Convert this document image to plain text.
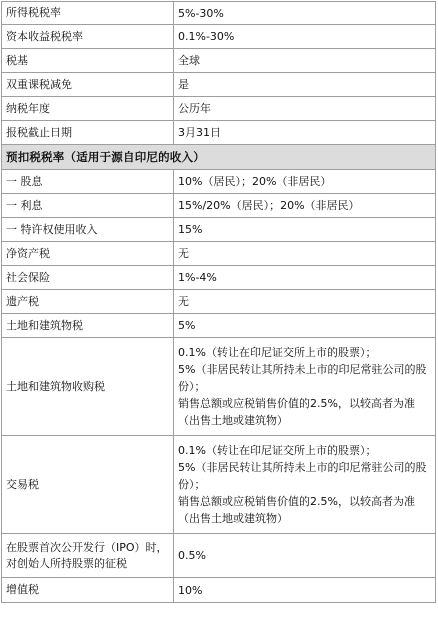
所得税税率	5%-30%
资本收益税税率	0.1%-30%
税基	全球
双重课税减免	是
纳税年度	公历年
报税截止日期	3月31日
预扣税税率（适用于源自印尼的收入）	
一 股息	10%（居民）；20%（非居民）
一 利息	15%/20%（居民）；20%（非居民）
一 特许权使用收入	15%
净资产税	无
社会保险	1%-4%
遗产税	无
土地和建筑物税	5%
土地和建筑物收购税	0.1%（转让在印尼证交所上市的股票）；
5%（非居民转让其所持未上市的印尼常驻公司的股份）；
销售总额或应税销售价值的2.5%，以较高者为准（出售土地或建筑物）

交易税	0.1%（转让在印尼证交所上市的股票）；
5%（非居民转让其所持未上市的印尼常驻公司的股份）；
销售总额或应税销售价值的2.5%，以较高者为准（出售土地或建筑物）

在股票首次公开发行（IPO）时，对创始人所持股票的征税	0.5%
增值税	10%
